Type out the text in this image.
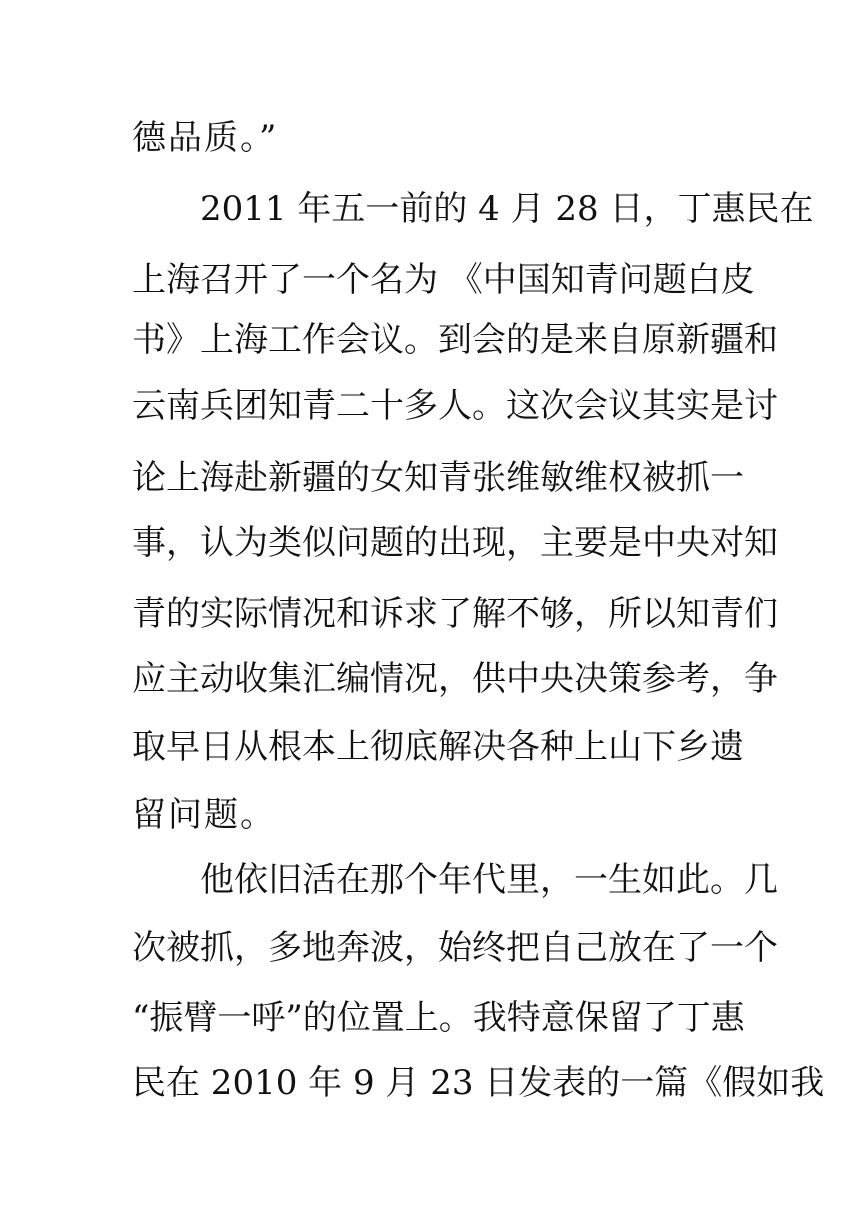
德品质。”
2011 年五一前的 4 月 28 日，丁惠民在
上海召开了一个名为 《中国知青问题白皮
书》上海工作会议。到会的是来自原新疆和
云南兵团知青二十多人。这次会议其实是讨
论上海赴新疆的女知青张维敏维权被抓一
事，认为类似问题的出现，主要是中央对知
青的实际情况和诉求了解不够，所以知青们
应主动收集汇编情况，供中央决策参考，争
取早日从根本上彻底解决各种上山下乡遗
留问题。
他依旧活在那个年代里，一生如此。几
次被抓，多地奔波，始终把自己放在了一个
“振臂一呼”的位置上。我特意保留了丁惠
民在 2010 年 9 月 23 日发表的一篇《假如我
